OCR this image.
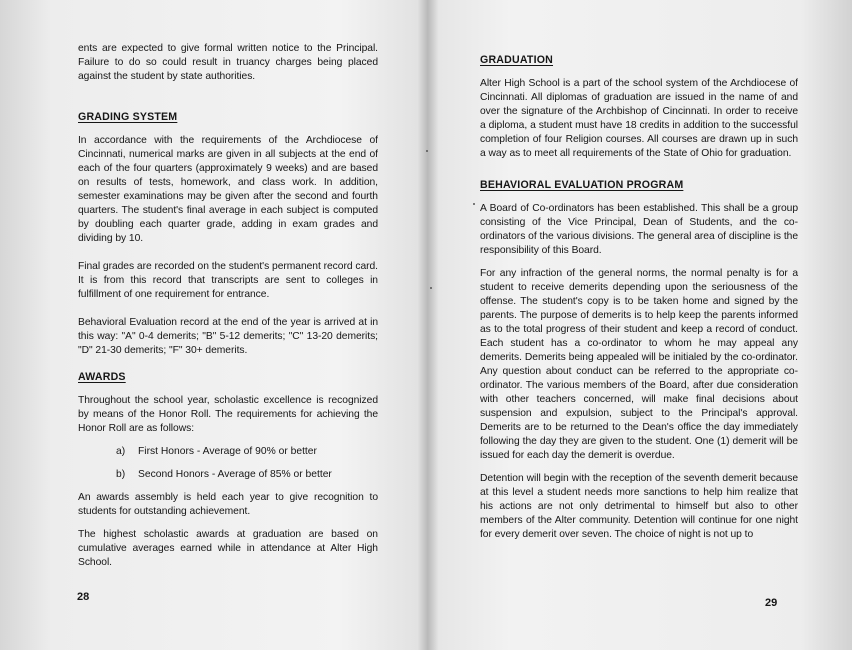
ents are expected to give formal written notice to the Principal. Failure to do so could result in truancy charges being placed against the student by state authorities.

GRADING SYSTEM

In accordance with the requirements of the Archdiocese of Cincinnati, numerical marks are given in all subjects at the end of each of the four quarters (approximately 9 weeks) and are based on results of tests, homework, and class work. In addition, semester examinations may be given after the second and fourth quarters. The student's final average in each subject is computed by doubling each quarter grade, adding in exam grades and dividing by 10.

Final grades are recorded on the student's permanent record card. It is from this record that transcripts are sent to colleges in fulfillment of one requirement for entrance.

Behavioral Evaluation record at the end of the year is arrived at in this way: "A" 0-4 demerits; "B" 5-12 demerits; "C" 13-20 demerits; "D" 21-30 demerits; "F" 30+ demerits.

AWARDS

Throughout the school year, scholastic excellence is recognized by means of the Honor Roll. The requirements for achieving the Honor Roll are as follows:

a)	First Honors - Average of 90% or better
b)	Second Honors - Average of 85% or better

An awards assembly is held each year to give recognition to students for outstanding achievement.

The highest scholastic awards at graduation are based on cumulative averages earned while in attendance at Alter High School.

28
GRADUATION

Alter High School is a part of the school system of the Archdiocese of Cincinnati. All diplomas of graduation are issued in the name of and over the signature of the Archbishop of Cincinnati. In order to receive a diploma, a student must have 18 credits in addition to the successful completion of four Religion courses. All courses are drawn up in such a way as to meet all requirements of the State of Ohio for graduation.

BEHAVIORAL EVALUATION PROGRAM

A Board of Co-ordinators has been established. This shall be a group consisting of the Vice Principal, Dean of Students, and the co-ordinators of the various divisions. The general area of discipline is the responsibility of this Board.

For any infraction of the general norms, the normal penalty is for a student to receive demerits depending upon the seriousness of the offense. The student's copy is to be taken home and signed by the parents. The purpose of demerits is to help keep the parents informed as to the total progress of their student and keep a record of conduct. Each student has a co-ordinator to whom he may appeal any demerits. Demerits being appealed will be initialed by the co-ordinator. Any question about conduct can be referred to the appropriate co-ordinator. The various members of the Board, after due consideration with other teachers concerned, will make final decisions about suspension and expulsion, subject to the Principal's approval. Demerits are to be returned to the Dean's office the day immediately following the day they are given to the student. One (1) demerit will be issued for each day the demerit is overdue.

Detention will begin with the reception of the seventh demerit because at this level a student needs more sanctions to help him realize that his actions are not only detrimental to himself but also to other members of the Alter community. Detention will continue for one night for every demerit over seven. The choice of night is not up to

29
